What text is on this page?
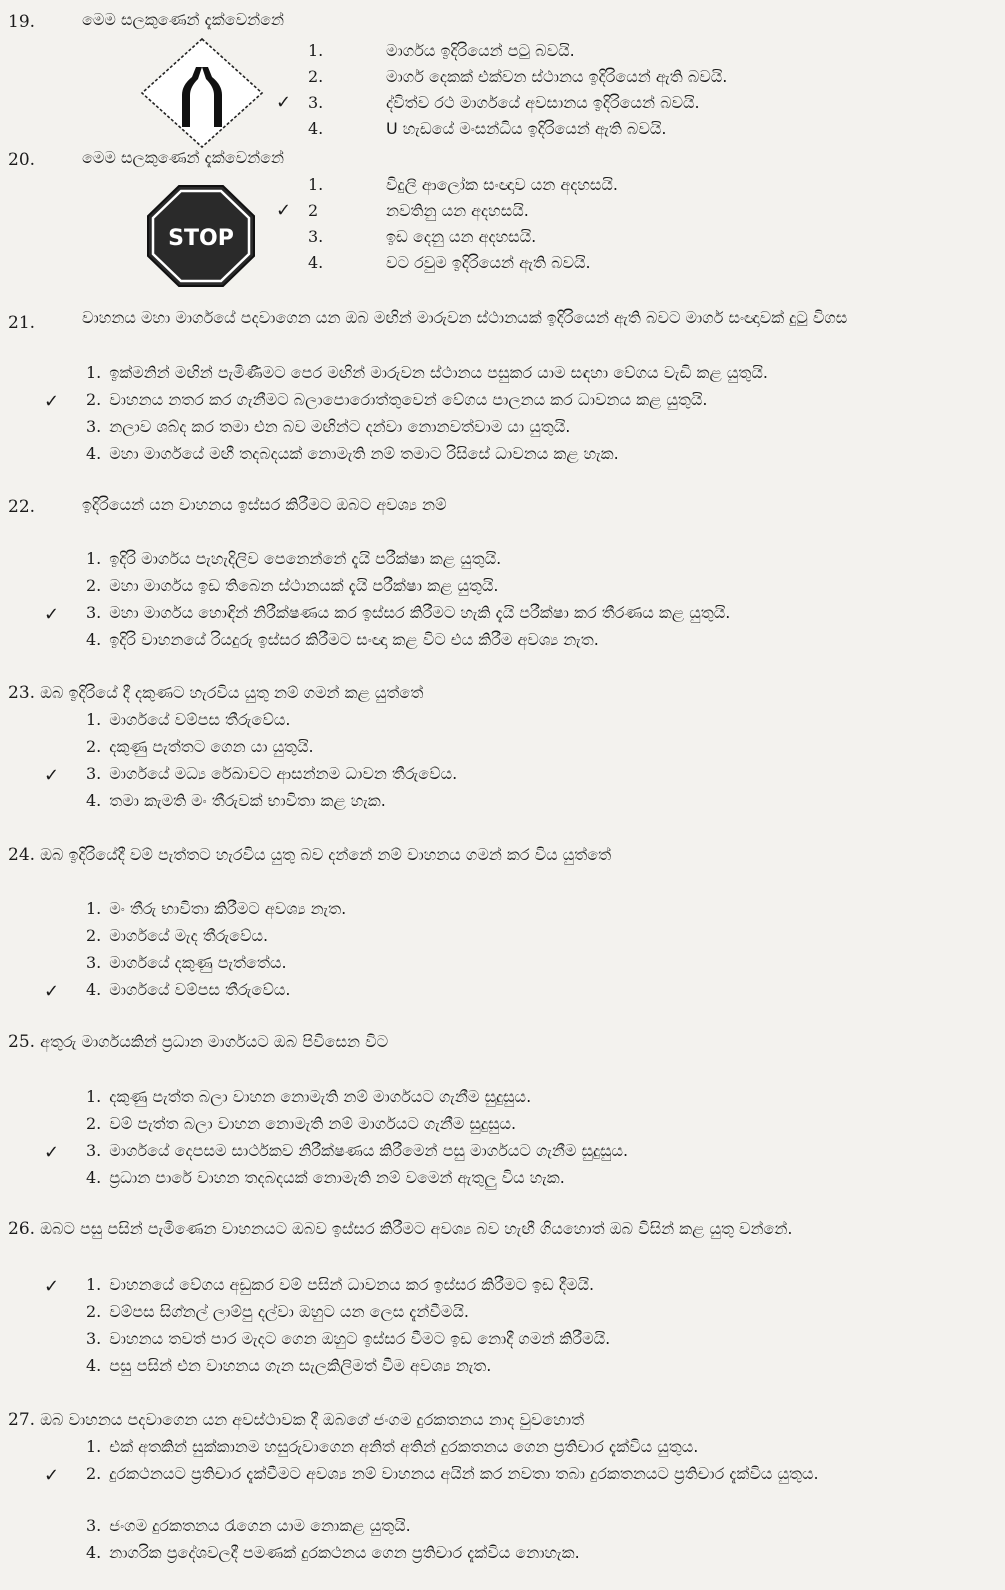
19.	මෙම සලකුණෙන් දැක්වෙන්නේ
1.	මාර්ගය ඉදිරියෙන් පටු බවයි.
2.	මාර්ග දෙකක් එක්වන ස්ථානය ඉදිරියෙන් ඇති බවයි.
✓ 3.	ද්විත්ව රථ මාර්ගයේ අවසානය ඉදිරියෙන් බවයි.
4.	U හැඩයේ මංසන්ධිය ඉදිරියෙන් ඇති බවයි.
20.	මෙම සලකුණෙන් දැක්වෙන්නේ
STOP
1.	විදුලි ආලෝක සංඥාව යන අදහසයි.
✓ 2	නවතිනු යන අදහසයි.
3.	ඉඩ දෙනු යන අදහසයි.
4.	වට රවුම ඉදිරියෙන් ඇති බවයි.
21.	වාහනය මහා මාර්ගයේ පදවාගෙන යන ඔබ මඟින් මාරුවන ස්ථානයක් ඉදිරියෙන් ඇති බවට මාර්ග සංඥාවක් දුටු විගස
1. ඉක්මනින් මඟින් පැමිණීමට පෙර මඟින් මාරුවන ස්ථානය පසුකර යාම සඳහා වේගය වැඩි කළ යුතුයි.
✓ 2. වාහනය නතර කර ගැනීමට බලාපොරොත්තුවෙන් වේගය පාලනය කර ධාවනය කළ යුතුයි.
3. නලාව ශබ්ද කර තමා එන බව මඟින්ට දන්වා නොනවත්වාම යා යුතුයි.
4. මහා මාර්ගයේ මඟී තදබදයක් නොමැති නම් තමාට රිසිසේ ධාවනය කළ හැක.
22.	ඉදිරියෙන් යන වාහනය ඉස්සර කිරීමට ඔබට අවශ්‍ය නම්
1. ඉදිරි මාර්ගය පැහැදිලිව පෙනෙන්නේ දැයි පරීක්ෂා කළ යුතුයි.
2. මහා මාර්ගය ඉඩ තිබෙන ස්ථානයක් දැයි පරීක්ෂා කළ යුතුයි.
✓ 3. මහා මාර්ගය හොඳින් නිරීක්ෂණය කර ඉස්සර කිරීමට හැකි දැයි පරීක්ෂා කර තීරණය කළ යුතුයි.
4. ඉදිරි වාහනයේ රියදුරු ඉස්සර කිරීමට සංඥා කළ විට එය කිරීම අවශ්‍ය නැත.
23. ඔබ ඉදිරියේ දී දකුණට හැරවිය යුතු නම් ගමන් කළ යුත්තේ
1. මාර්ගයේ වම්පස තීරුවේය.
2. දකුණු පැත්තට ගෙන යා යුතුයි.
✓ 3. මාර්ගයේ මධ්‍ය රේඛාවට ආසන්නම ධාවන තීරුවේය.
4. තමා කැමති මං තීරුවක් භාවිතා කළ හැක.
24. ඔබ ඉදිරියේදී වම් පැත්තට හැරවිය යුතු බව දන්නේ නම් වාහනය ගමන් කර විය යුත්තේ
1. මං තීරු භාවිතා කිරීමට අවශ්‍ය නැත.
2. මාර්ගයේ මැද තීරුවේය.
3. මාර්ගයේ දකුණු පැත්තේය.
✓ 4. මාර්ගයේ වම්පස තීරුවේය.
25. අතුරු මාර්ගයකින් ප්‍රධාන මාර්ගයට ඔබ පිවිසෙන විට
1. දකුණු පැත්ත බලා වාහන නොමැති නම් මාර්ගයට ගැනීම සුදුසුය.
2. වම් පැත්ත බලා වාහන නොමැති නම් මාර්ගයට ගැනීම සුදුසුය.
✓ 3. මාර්ගයේ දෙපසම සාර්ථකව නිරීක්ෂණය කිරීමෙන් පසු මාර්ගයට ගැනීම සුදුසුය.
4. ප්‍රධාන පාරේ වාහන තදබදයක් නොමැති නම් වමෙන් ඇතුලු විය හැක.
26. ඔබට පසු පසින් පැමිණෙන වාහනයට ඔබව ඉස්සර කිරීමට අවශ්‍ය බව හැඟී ගියහොත් ඔබ විසින් කළ යුතු වන්නේ.
✓ 1. වාහනයේ වේගය අඩුකර වම් පසින් ධාවනය කර ඉස්සර කිරීමට ඉඩ දීමයි.
2. වම්පස සිග්නල් ලාම්පු දල්වා ඔහුට යන ලෙස දැන්වීමයි.
3. වාහනය තවත් පාර මැදට ගෙන ඔහුට ඉස්සර වීමට ඉඩ නොදී ගමන් කිරීමයි.
4. පසු පසින් එන වාහනය ගැන සැලකිලිමත් වීම අවශ්‍ය නැත.
27. ඔබ වාහනය පදවාගෙන යන අවස්ථාවක දී ඔබගේ ජංගම දුරකතනය නාද වුවහොත්
1. එක් අතකින් සුක්කානම හසුරුවාගෙන අනිත් අතින් දුරකතනය ගෙන ප්‍රතිචාර දැක්විය යුතුය.
✓ 2. දුරකථනයට ප්‍රතිචාර දැක්වීමට අවශ්‍ය නම් වාහනය අයින් කර නවතා තබා දුරකතනයට ප්‍රතිචාර දැක්විය යුතුය.
3. ජංගම දුරකතනය රැගෙන යාම නොකළ යුතුයි.
4. නාගරික ප්‍රදේශවලදී පමණක් දුරකථනය ගෙන ප්‍රතිචාර දැක්විය නොහැක.
